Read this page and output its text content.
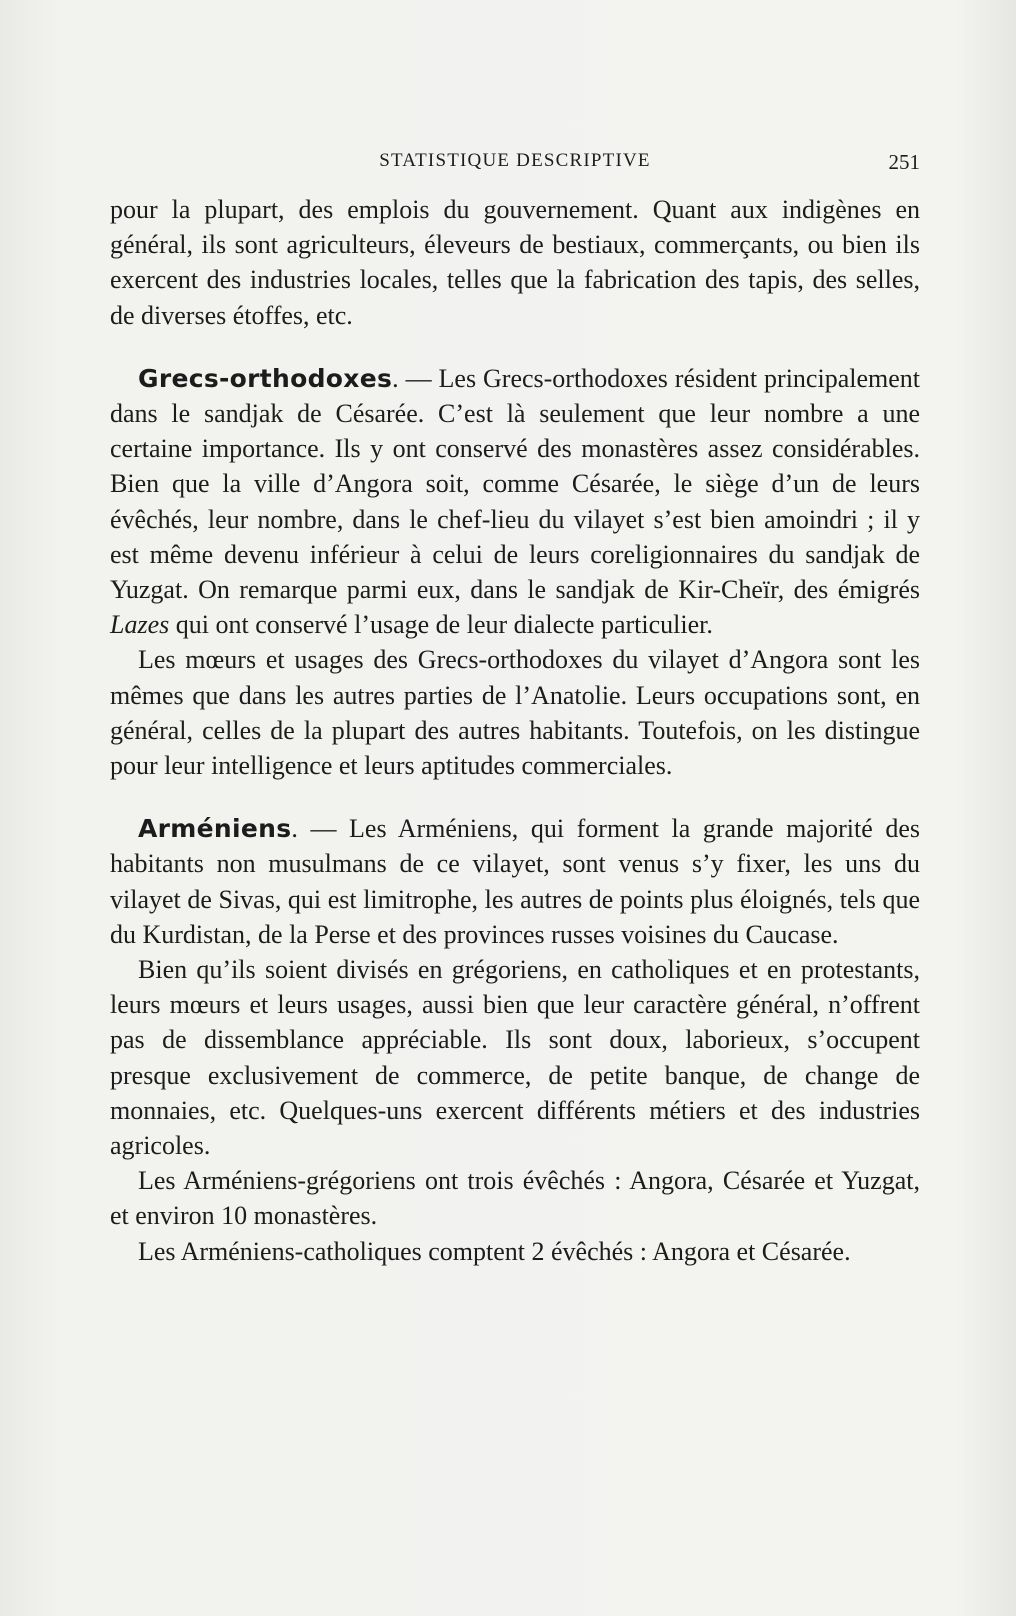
STATISTIQUE DESCRIPTIVE	251

pour la plupart, des emplois du gouvernement. Quant aux indigènes en général, ils sont agriculteurs, éleveurs de bestiaux, commerçants, ou bien ils exercent des industries locales, telles que la fabrication des tapis, des selles, de diverses étoffes, etc.

Grecs-orthodoxes. — Les Grecs-orthodoxes résident principalement dans le sandjak de Césarée. C’est là seulement que leur nombre a une certaine importance. Ils y ont conservé des monastères assez considérables. Bien que la ville d’Angora soit, comme Césarée, le siège d’un de leurs évêchés, leur nombre, dans le chef-lieu du vilayet s’est bien amoindri ; il y est même devenu inférieur à celui de leurs coreligionnaires du sandjak de Yuzgat. On remarque parmi eux, dans le sandjak de Kir-Cheïr, des émigrés Lazes qui ont conservé l’usage de leur dialecte particulier.

Les mœurs et usages des Grecs-orthodoxes du vilayet d’Angora sont les mêmes que dans les autres parties de l’Anatolie. Leurs occupations sont, en général, celles de la plupart des autres habitants. Toutefois, on les distingue pour leur intelligence et leurs aptitudes commerciales.

Arméniens. — Les Arméniens, qui forment la grande majorité des habitants non musulmans de ce vilayet, sont venus s’y fixer, les uns du vilayet de Sivas, qui est limitrophe, les autres de points plus éloignés, tels que du Kurdistan, de la Perse et des provinces russes voisines du Caucase.

Bien qu’ils soient divisés en grégoriens, en catholiques et en protestants, leurs mœurs et leurs usages, aussi bien que leur caractère général, n’offrent pas de dissemblance appréciable. Ils sont doux, laborieux, s’occupent presque exclusivement de commerce, de petite banque, de change de monnaies, etc. Quelques-uns exercent différents métiers et des industries agricoles.

Les Arméniens-grégoriens ont trois évêchés : Angora, Césarée et Yuzgat, et environ 10 monastères.

Les Arméniens-catholiques comptent 2 évêchés : Angora et Césarée.
